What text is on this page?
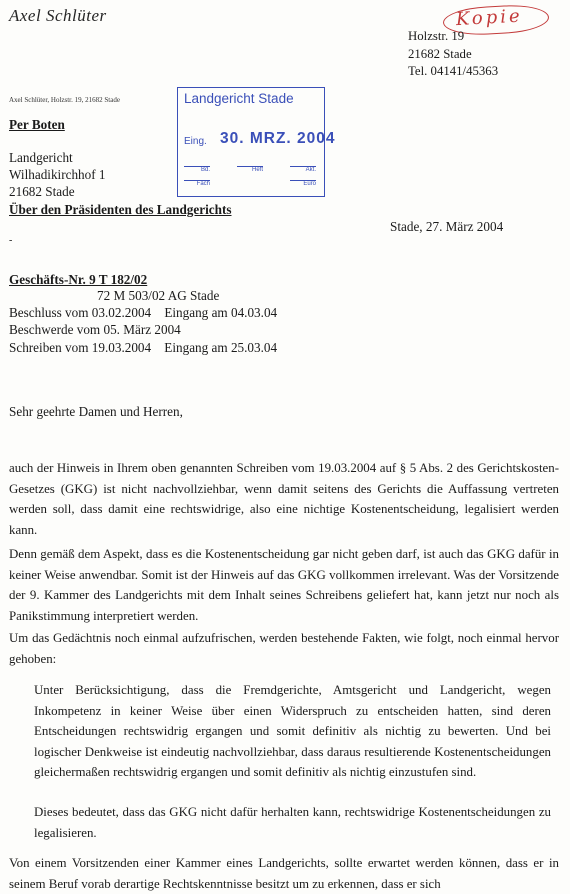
Axel Schlüter	Kopie
Holzstr. 19
21682 Stade
Tel. 04141/45363
Axel Schlüter, Holzstr. 19, 21682 Stade	Landgericht Stade
Eing. 30. MRZ. 2004
Bd.	Heft	Akt.
Fach	Euro
Per Boten
Landgericht
Wilhadikirchhof 1
21682 Stade
Über den Präsidenten des Landgerichts
Stade, 27. März 2004
-
Geschäfts-Nr. 9 T 182/02
72 M 503/02 AG Stade
Beschluss vom 03.02.2004    Eingang am 04.03.04
Beschwerde vom 05. März 2004
Schreiben vom 19.03.2004    Eingang am 25.03.04
Sehr geehrte Damen und Herren,
auch der Hinweis in Ihrem oben genannten Schreiben vom 19.03.2004 auf § 5 Abs. 2 des Gerichtskosten-Gesetzes (GKG) ist nicht nachvollziehbar, wenn damit seitens des Gerichts die Auffassung vertreten werden soll, dass damit eine rechtswidrige, also eine nichtige Kostenentscheidung, legalisiert werden kann.
Denn gemäß dem Aspekt, dass es die Kostenentscheidung gar nicht geben darf, ist auch das GKG dafür in keiner Weise anwendbar. Somit ist der Hinweis auf das GKG vollkommen irrelevant. Was der Vorsitzende der 9. Kammer des Landgerichts mit dem Inhalt seines Schreibens geliefert hat, kann jetzt nur noch als Panikstimmung interpretiert werden.
Um das Gedächtnis noch einmal aufzufrischen, werden bestehende Fakten, wie folgt, noch einmal hervor gehoben:
Unter Berücksichtigung, dass die Fremdgerichte, Amtsgericht und Landgericht, wegen Inkompetenz in keiner Weise über einen Widerspruch zu entscheiden hatten, sind deren Entscheidungen rechtswidrig ergangen und somit definitiv als nichtig zu bewerten. Und bei logischer Denkweise ist eindeutig nachvollziehbar, dass daraus resultierende Kostenentscheidungen gleichermaßen rechtswidrig ergangen und somit definitiv als nichtig einzustufen sind.
Dieses bedeutet, dass das GKG nicht dafür herhalten kann, rechtswidrige Kostenentscheidungen zu legalisieren.
Von einem Vorsitzenden einer Kammer eines Landgerichts, sollte erwartet werden können, dass er in seinem Beruf vorab derartige Rechtskenntnisse besitzt um zu erkennen, dass er sich
